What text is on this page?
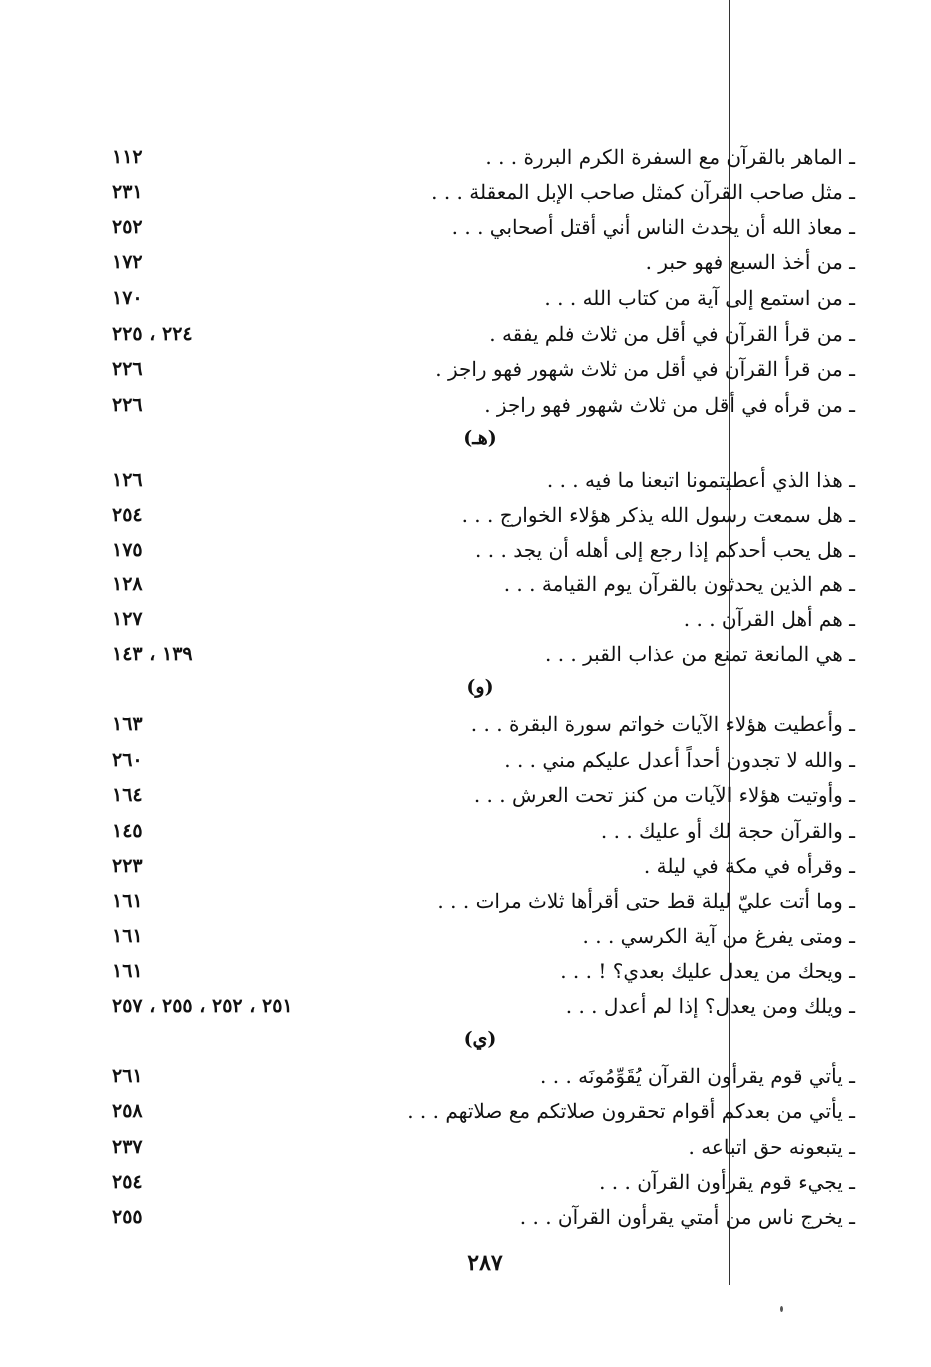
ـ الماهر بالقرآن مع السفرة الكرم البررة . . .
١١٢
ـ مثل صاحب القرآن كمثل صاحب الإبل المعقلة . . .
٢٣١
ـ معاذ الله أن يحدث الناس أني أقتل أصحابي . . .
٢٥٢
ـ من أخذ السبع فهو حبر .
١٧٢
ـ من استمع إلى آية من كتاب الله . . .
١٧٠
ـ من قرأ القرآن في أقل من ثلاث فلم يفقه .
٢٢٤ ، ٢٢٥
ـ من قرأ القرآن في أقل من ثلاث شهور فهو راجز .
٢٢٦
ـ من قرأه في أقل من ثلاث شهور فهو راجز .
٢٢٦
(هـ)
ـ هذا الذي أعطيتمونا اتبعنا ما فيه . . .
١٢٦
ـ هل سمعت رسول الله يذكر هؤلاء الخوارج . . .
٢٥٤
ـ هل يحب أحدكم إذا رجع إلى أهله أن يجد . . .
١٧٥
ـ هم الذين يحدثون بالقرآن يوم القيامة . . .
١٢٨
ـ هم أهل القرآن . . .
١٢٧
ـ هي المانعة تمنع من عذاب القبر . . .
١٣٩ ، ١٤٣
(و)
ـ وأعطيت هؤلاء الآيات خواتم سورة البقرة . . .
١٦٣
ـ والله لا تجدون أحداً أعدل عليكم مني . . .
٢٦٠
ـ وأوتيت هؤلاء الآيات من كنز تحت العرش . . .
١٦٤
ـ والقرآن حجة لك أو عليك . . .
١٤٥
ـ وقرأه في مكة في ليلة .
٢٢٣
ـ وما أتت عليّ ليلة قط حتى أقرأها ثلاث مرات . . .
١٦١
ـ ومتى يفرغ من آية الكرسي . . .
١٦١
ـ ويحك من يعدل عليك بعدي؟ ! . . .
١٦١
ـ ويلك ومن يعدل؟ إذا لم أعدل . . .
٢٥١ ، ٢٥٢ ، ٢٥٥ ، ٢٥٧
(ي)
ـ يأتي قوم يقرأون القرآن يُقَوِّمُونَه . . .
٢٦١
ـ يأتي من بعدكم أقوام تحقرون صلاتكم مع صلاتهم . . .
٢٥٨
ـ يتبعونه حق اتباعه .
٢٣٧
ـ يجيء قوم يقرأون القرآن . . .
٢٥٤
ـ يخرج ناس من أمتي يقرأون القرآن . . .
٢٥٥
٢٨٧
